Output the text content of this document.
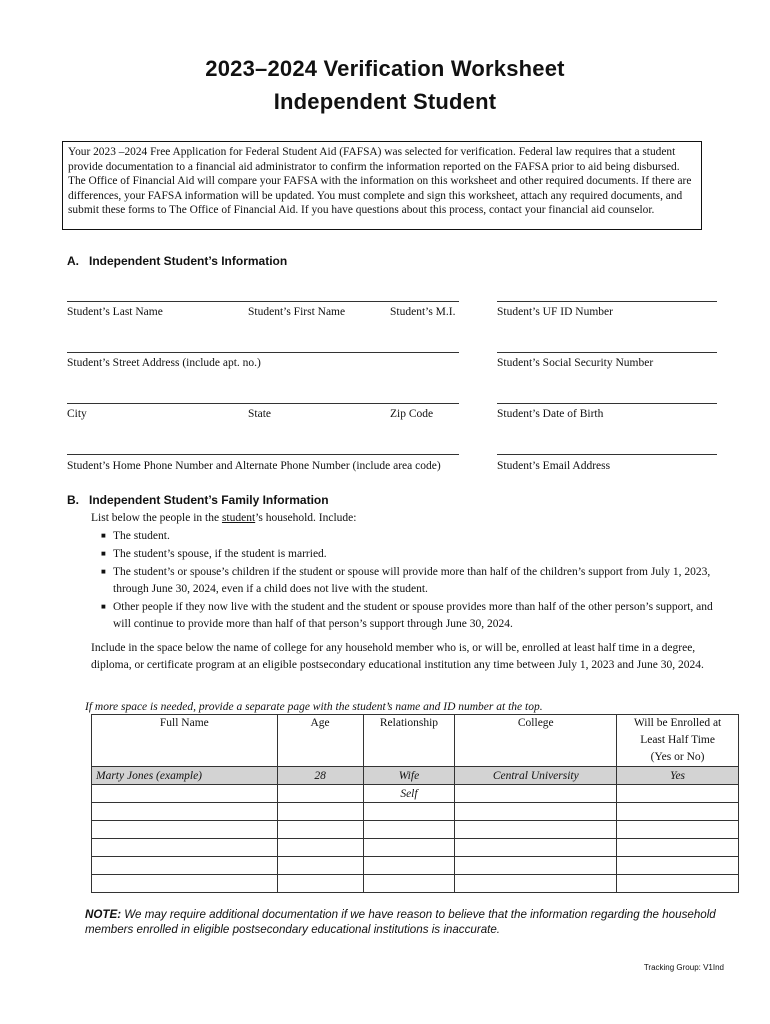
2023–2024 Verification Worksheet
Independent Student
Your 2023 –2024 Free Application for Federal Student Aid (FAFSA) was selected for verification. Federal law requires that a student provide documentation to a financial aid administrator to confirm the information reported on the FAFSA prior to aid being disbursed. The Office of Financial Aid will compare your FAFSA with the information on this worksheet and other required documents. If there are differences, your FAFSA information will be updated. You must complete and sign this worksheet, attach any required documents, and submit these forms to The Office of Financial Aid. If you have questions about this process, contact your financial aid counselor.
A. Independent Student’s Information
Student’s Last Name	Student’s First Name	Student’s M.I.	Student’s UF ID Number
Student’s Street Address (include apt. no.)	Student’s Social Security Number
City	State	Zip Code	Student’s Date of Birth
Student’s Home Phone Number and Alternate Phone Number (include area code)	Student’s Email Address
B. Independent Student’s Family Information
List below the people in the student’s household. Include:
■ The student.
■ The student’s spouse, if the student is married.
■ The student’s or spouse’s children if the student or spouse will provide more than half of the children’s support from July 1, 2023, through June 30, 2024, even if a child does not live with the student.
■ Other people if they now live with the student and the student or spouse provides more than half of the other person’s support, and will continue to provide more than half of that person’s support through June 30, 2024.
Include in the space below the name of college for any household member who is, or will be, enrolled at least half time in a degree, diploma, or certificate program at an eligible postsecondary educational institution any time between July 1, 2023 and June 30, 2024.
If more space is needed, provide a separate page with the student’s name and ID number at the top.
Full Name	Age	Relationship	College	Will be Enrolled at
Least Half Time
(Yes or No)

Marty Jones (example)	28	Wife	Central University	Yes
		Self		

NOTE: We may require additional documentation if we have reason to believe that the information regarding the household members enrolled in eligible postsecondary educational institutions is inaccurate.
Tracking Group: V1Ind
